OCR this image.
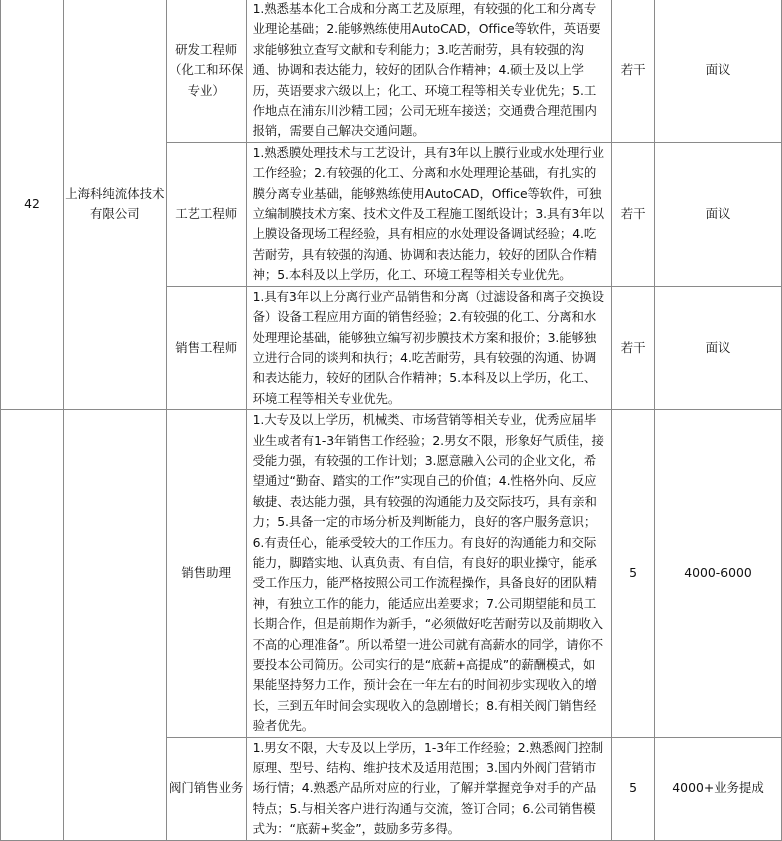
42	上海科纯流体技术有限公司	研发工程师（化工和环保专业）	1.熟悉基本化工合成和分离工艺及原理，有较强的化工和分离专业理论基础；2.能够熟练使用AutoCAD，Office等软件，英语要求能够独立查写文献和专利能力；3.吃苦耐劳，具有较强的沟通、协调和表达能力，较好的团队合作精神；4.硕士及以上学历，英语要求六级以上；化工、环境工程等相关专业优先；5.工作地点在浦东川沙精工园；公司无班车接送；交通费合理范围内报销，需要自己解决交通问题。	若干	面议
		工艺工程师	1.熟悉膜处理技术与工艺设计，具有3年以上膜行业或水处理行业工作经验；2.有较强的化工、分离和水处理理论基础，有扎实的膜分离专业基础，能够熟练使用AutoCAD，Office等软件，可独立编制膜技术方案、技术文件及工程施工图纸设计；3.具有3年以上膜设备现场工程经验，具有相应的水处理设备调试经验；4.吃苦耐劳，具有较强的沟通、协调和表达能力，较好的团队合作精神；5.本科及以上学历，化工、环境工程等相关专业优先。	若干	面议
		销售工程师	1.具有3年以上分离行业产品销售和分离（过滤设备和离子交换设备）设备工程应用方面的销售经验；2.有较强的化工、分离和水处理理论基础，能够独立编写初步膜技术方案和报价；3.能够独立进行合同的谈判和执行；4.吃苦耐劳，具有较强的沟通、协调和表达能力，较好的团队合作精神；5.本科及以上学历，化工、环境工程等相关专业优先。	若干	面议
		销售助理	1.大专及以上学历，机械类、市场营销等相关专业，优秀应届毕业生或者有1-3年销售工作经验；2.男女不限，形象好气质佳，接受能力强，有较强的工作计划；3.愿意融入公司的企业文化，希望通过“勤奋、踏实的工作”实现自己的价值；4.性格外向、反应敏捷、表达能力强，具有较强的沟通能力及交际技巧，具有亲和力；5.具备一定的市场分析及判断能力，良好的客户服务意识；6.有责任心，能承受较大的工作压力。有良好的沟通能力和交际能力，脚踏实地、认真负责、有自信，有良好的职业操守，能承受工作压力，能严格按照公司工作流程操作，具备良好的团队精神，有独立工作的能力，能适应出差要求；7.公司期望能和员工长期合作，但是前期作为新手，“必须做好吃苦耐劳以及前期收入不高的心理准备”。所以希望一进公司就有高薪水的同学，请你不要投本公司简历。公司实行的是“底薪+高提成”的薪酬模式，如果能坚持努力工作，预计会在一年左右的时间初步实现收入的增长，三到五年时间会实现收入的急剧增长；8.有相关阀门销售经验者优先。	5	4000-6000
		阀门销售业务	1.男女不限，大专及以上学历，1-3年工作经验；2.熟悉阀门控制原理、型号、结构、维护技术及适用范围；3.国内外阀门营销市场行情；4.熟悉产品所对应的行业，了解并掌握竞争对手的产品特点；5.与相关客户进行沟通与交流，签订合同；6.公司销售模式为：“底薪+奖金”，鼓励多劳多得。	5	4000+业务提成
